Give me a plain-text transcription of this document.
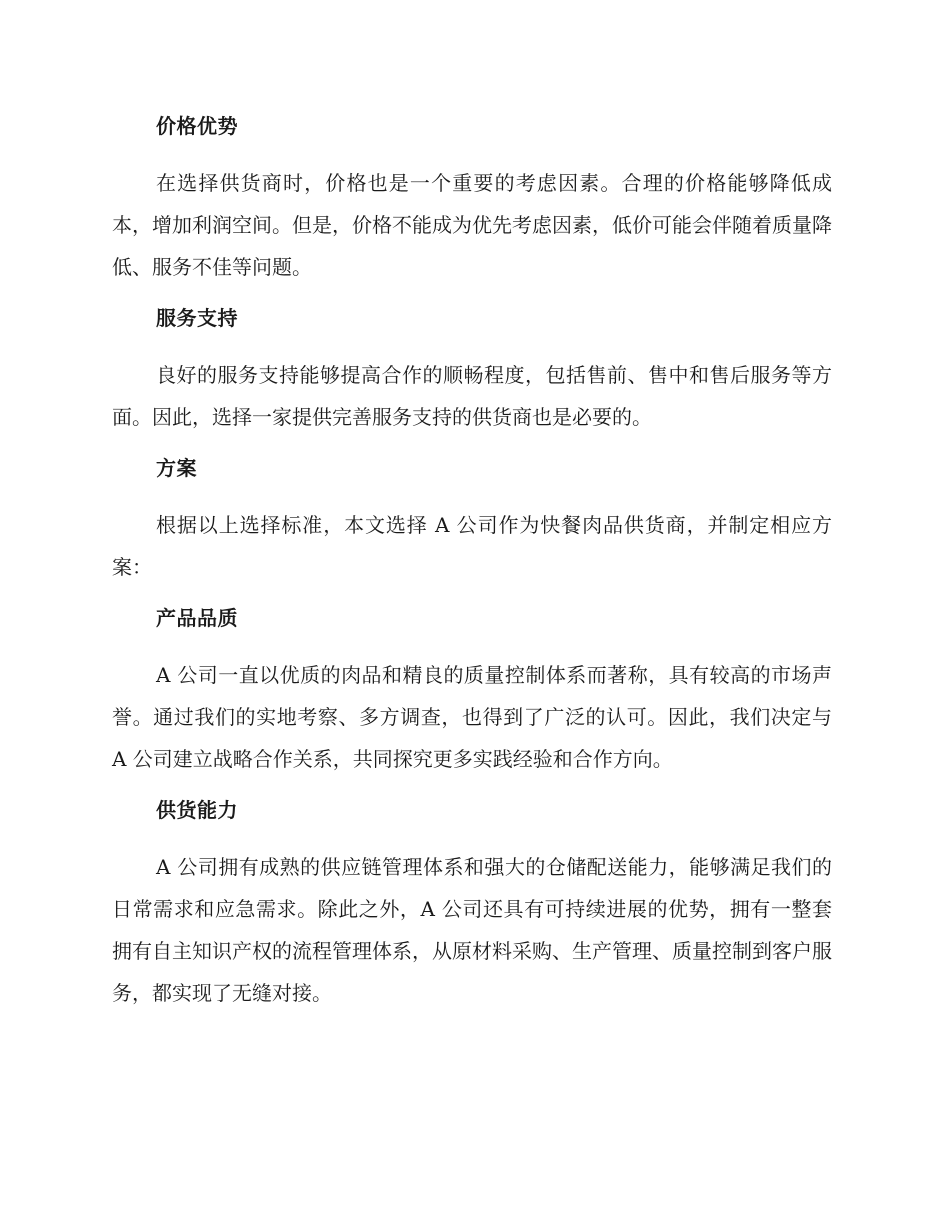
价格优势

在选择供货商时，价格也是一个重要的考虑因素。合理的价格能够降低成本，增加利润空间。但是，价格不能成为优先考虑因素，低价可能会伴随着质量降低、服务不佳等问题。

服务支持

良好的服务支持能够提高合作的顺畅程度，包括售前、售中和售后服务等方面。因此，选择一家提供完善服务支持的供货商也是必要的。

方案

根据以上选择标准，本文选择 A 公司作为快餐肉品供货商，并制定相应方案：

产品品质

A 公司一直以优质的肉品和精良的质量控制体系而著称，具有较高的市场声誉。通过我们的实地考察、多方调查，也得到了广泛的认可。因此，我们决定与 A 公司建立战略合作关系，共同探究更多实践经验和合作方向。

供货能力

A 公司拥有成熟的供应链管理体系和强大的仓储配送能力，能够满足我们的日常需求和应急需求。除此之外，A 公司还具有可持续进展的优势，拥有一整套拥有自主知识产权的流程管理体系，从原材料采购、生产管理、质量控制到客户服务，都实现了无缝对接。
